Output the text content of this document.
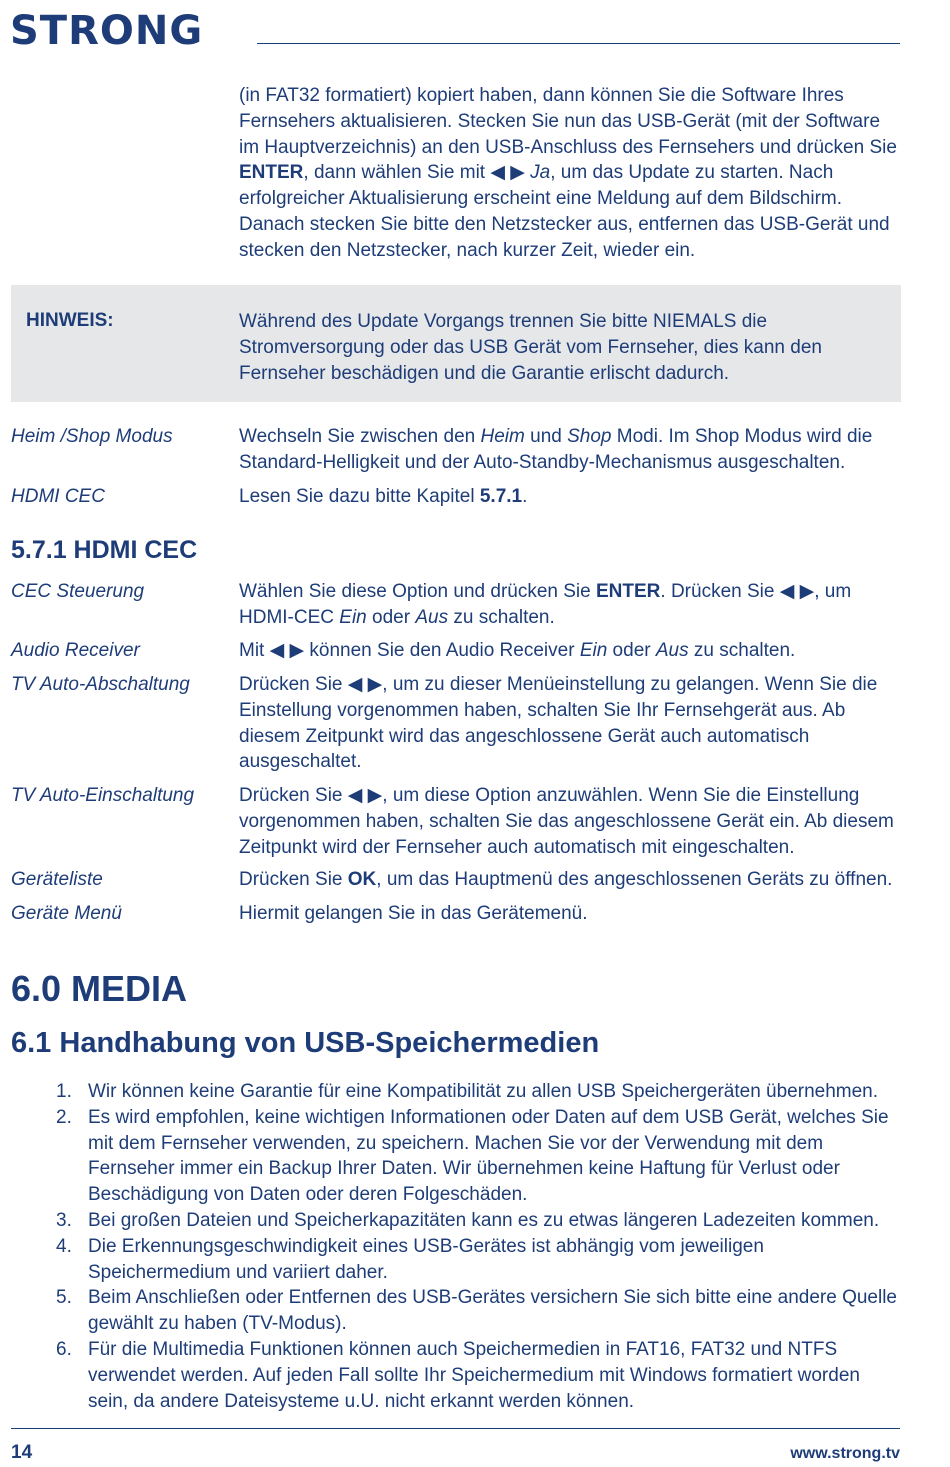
STRONG
(in FAT32 formatiert) kopiert haben, dann können Sie die Software Ihres Fernsehers aktualisieren. Stecken Sie nun das USB-Gerät (mit der Software im Hauptverzeichnis) an den USB-Anschluss des Fernsehers und drücken Sie ENTER, dann wählen Sie mit ◀ ▶ Ja, um das Update zu starten. Nach erfolgreicher Aktualisierung erscheint eine Meldung auf dem Bildschirm. Danach stecken Sie bitte den Netzstecker aus, entfernen das USB-Gerät und stecken den Netzstecker, nach kurzer Zeit, wieder ein.
HINWEIS:	Während des Update Vorgangs trennen Sie bitte NIEMALS die Stromversorgung oder das USB Gerät vom Fernseher, dies kann den Fernseher beschädigen und die Garantie erlischt dadurch.
Heim /Shop Modus	Wechseln Sie zwischen den Heim und Shop Modi. Im Shop Modus wird die Standard-Helligkeit und der Auto-Standby-Mechanismus ausgeschalten.
HDMI CEC	Lesen Sie dazu bitte Kapitel 5.7.1.
5.7.1 HDMI CEC
CEC Steuerung	Wählen Sie diese Option und drücken Sie ENTER. Drücken Sie ◀ ▶, um HDMI-CEC Ein oder Aus zu schalten.
Audio Receiver	Mit ◀ ▶ können Sie den Audio Receiver Ein oder Aus zu schalten.
TV Auto-Abschaltung	Drücken Sie ◀ ▶, um zu dieser Menüeinstellung zu gelangen. Wenn Sie die Einstellung vorgenommen haben, schalten Sie Ihr Fernsehgerät aus. Ab diesem Zeitpunkt wird das angeschlossene Gerät auch automatisch ausgeschaltet.
TV Auto-Einschaltung	Drücken Sie ◀ ▶, um diese Option anzuwählen. Wenn Sie die Einstellung vorgenommen haben, schalten Sie das angeschlossene Gerät ein. Ab diesem Zeitpunkt wird der Fernseher auch automatisch mit eingeschalten.
Geräteliste	Drücken Sie OK, um das Hauptmenü des angeschlossenen Geräts zu öffnen.
Geräte Menü	Hiermit gelangen Sie in das Gerätemenü.
6.0 MEDIA
6.1 Handhabung von USB-Speichermedien
1. Wir können keine Garantie für eine Kompatibilität zu allen USB Speichergeräten übernehmen.
2. Es wird empfohlen, keine wichtigen Informationen oder Daten auf dem USB Gerät, welches Sie mit dem Fernseher verwenden, zu speichern. Machen Sie vor der Verwendung mit dem Fernseher immer ein Backup Ihrer Daten. Wir übernehmen keine Haftung für Verlust oder Beschädigung von Daten oder deren Folgeschäden.
3. Bei großen Dateien und Speicherkapazitäten kann es zu etwas längeren Ladezeiten kommen.
4. Die Erkennungsgeschwindigkeit eines USB-Gerätes ist abhängig vom jeweiligen Speichermedium und variiert daher.
5. Beim Anschließen oder Entfernen des USB-Gerätes versichern Sie sich bitte eine andere Quelle gewählt zu haben (TV-Modus).
6. Für die Multimedia Funktionen können auch Speichermedien in FAT16, FAT32 und NTFS verwendet werden. Auf jeden Fall sollte Ihr Speichermedium mit Windows formatiert worden sein, da andere Dateisysteme u.U. nicht erkannt werden können.
14	www.strong.tv
